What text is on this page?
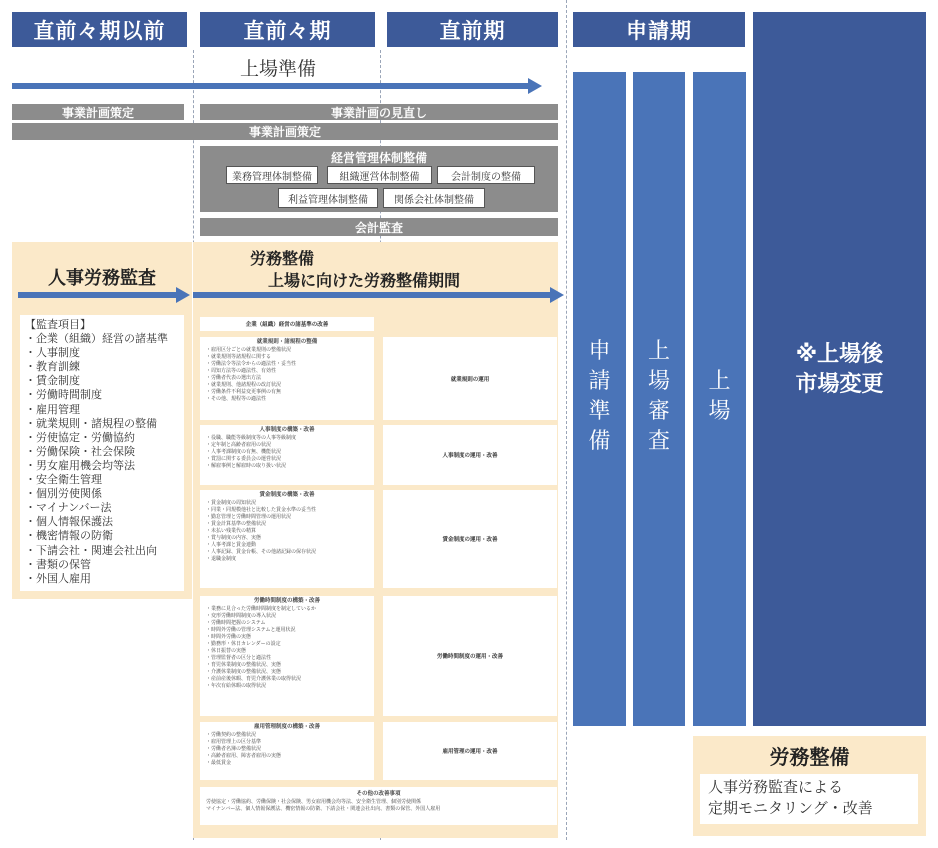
直前々期以前	直前々期	直前期	申請期
上場準備
事業計画策定	事業計画の見直し
事業計画策定
経営管理体制整備
業務管理体制整備	組織運営体制整備	会計制度の整備
利益管理体制整備	関係会社体制整備
会計監査
人事労務監査
【監査項目】
・企業（組織）経営の諸基準
・人事制度
・教育訓練
・賃金制度
・労働時間制度
・雇用管理
・就業規則・諸規程の整備
・労使協定・労働協約
・労働保険・社会保険
・男女雇用機会均等法
・安全衛生管理
・個別労使関係
・マイナンバー法
・個人情報保護法
・機密情報の防衛
・下請会社・関連会社出向
・書類の保管
・外国人雇用
労務整備
上場に向けた労務整備期間
企業（組織）経営の諸基準の改善
就業規則・諸規程の整備
・雇用区分ごとの就業規則の整備状況
・就業規則等諸規程に関する
・労働法令等法令からの適法性・妥当性
・周知方法等の適法性、有効性
・労働者代表の選出方法
・就業規則、他諸規程の改訂状況
・労働条件不利益変更事例の有無
・その他、規程等の適法性
就業規則の運用
人事制度の構築・改善
・役職、職能等級制度等の人事等級制度
・定年制と高齢者雇用の状況
・人事考課制度の有無、機能状況
・賞罰に関する委員会の運営状況
・解雇事例と解雇時の取り扱い状況
人事制度の運用・改善
賃金制度の構築・改善
・賃金制度の周知状況
・同業・同規模他社と比較した賃金水準の妥当性
・勤怠管理と労働時間管理の運用状況
・賃金計算基準の整備状況
・未払い残業代の精算
・賞与制度の内容、実態
・人事考課と賃金連動
・人事記録、賃金台帳、その他諸記録の保存状況
・退職金制度
賃金制度の運用・改善
労働時間制度の構築・改善
・業務に見合った労働時間制度を制定しているか
・変形労働時間制度の導入状況
・労働時間把握のシステム
・時間外労働の管理システムと運用状況
・時間外労働の実態
・勤務形・休日カレンダーの設定
・休日振替の実態
・管理監督者の区分と適法性
・育児休業制度の整備状況、実態
・介護休業制度の整備状況、実態
・産前産後休暇、育児介護休業の取得状況
・年次有給休暇の取得状況
労働時間制度の運用・改善
雇用管理制度の構築・改善
・労働契約の整備状況
・雇用管理上の区分基準
・労働者名簿の整備状況
・高齢者雇用、障害者雇用の実態
・最低賃金
雇用管理の運用・改善
その他の改善事項
労使協定・労働協約、労働保険・社会保険、男女雇用機会均等法、安全衛生管理、個別労使関係
マイナンバー法、個人情報保護法、機密情報の防衛、下請会社・関連会社出向、書類の保管、外国人雇用
申
請
準
備
上
場
審
査
上
場
※上場後
市場変更
労務整備
人事労務監査による
定期モニタリング・改善
